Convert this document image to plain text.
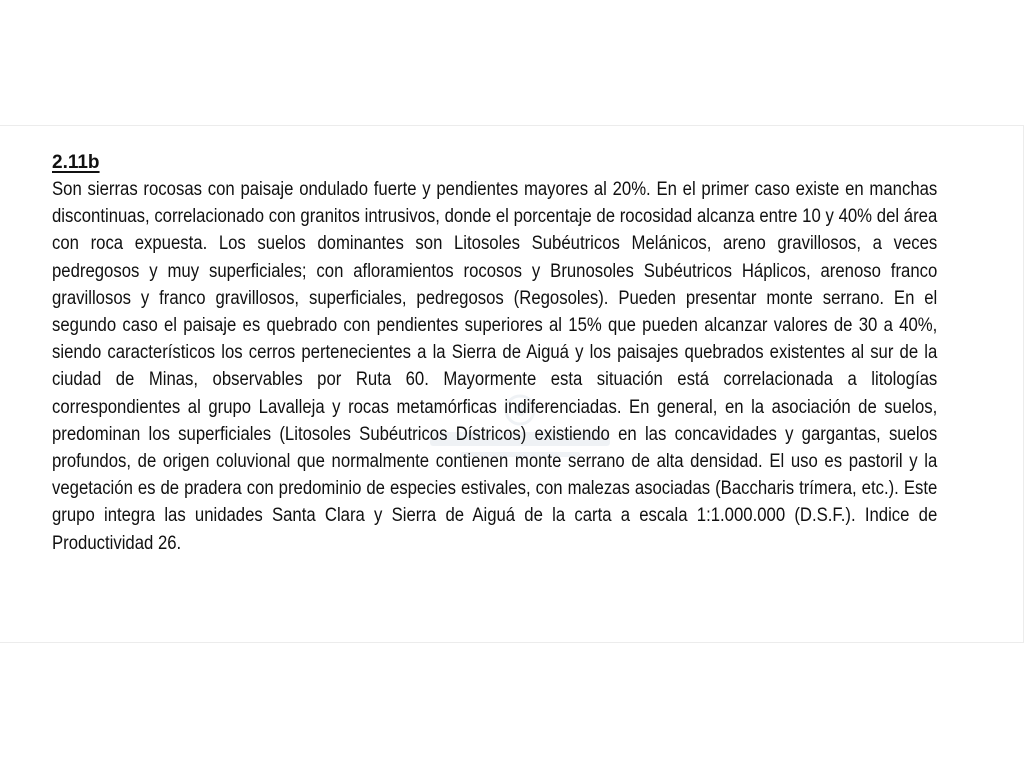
2.11b

Son sierras rocosas con paisaje ondulado fuerte y pendientes mayores al 20%. En el primer caso existe en manchas discontinuas, correlacionado con granitos intrusivos, donde el porcentaje de rocosidad alcanza entre 10 y 40% del área con roca expuesta. Los suelos dominantes son Litosoles Subéutricos Melánicos, areno gravillosos, a veces pedregosos y muy superficiales; con afloramientos rocosos y Brunosoles Subéutricos Háplicos, arenoso franco gravillosos y franco gravillosos, superficiales, pedregosos (Regosoles). Pueden presentar monte serrano. En el segundo caso el paisaje es quebrado con pendientes superiores al 15% que pueden alcanzar valores de 30 a 40%, siendo característicos los cerros pertenecientes a la Sierra de Aiguá y los paisajes quebrados existentes al sur de la ciudad de Minas, observables por Ruta 60. Mayormente esta situación está correlacionada a litologías correspondientes al grupo Lavalleja y rocas metamórficas indiferenciadas. En general, en la asociación de suelos, predominan los superficiales (Litosoles Subéutricos Dístricos) existiendo en las concavidades y gargantas, suelos profundos, de origen coluvional que normalmente contienen monte serrano de alta densidad. El uso es pastoril y la vegetación es de pradera con predominio de especies estivales, con malezas asociadas (Baccharis trímera, etc.). Este grupo integra las unidades Santa Clara y Sierra de Aiguá de la carta a escala 1:1.000.000 (D.S.F.). Indice de Productividad 26.
